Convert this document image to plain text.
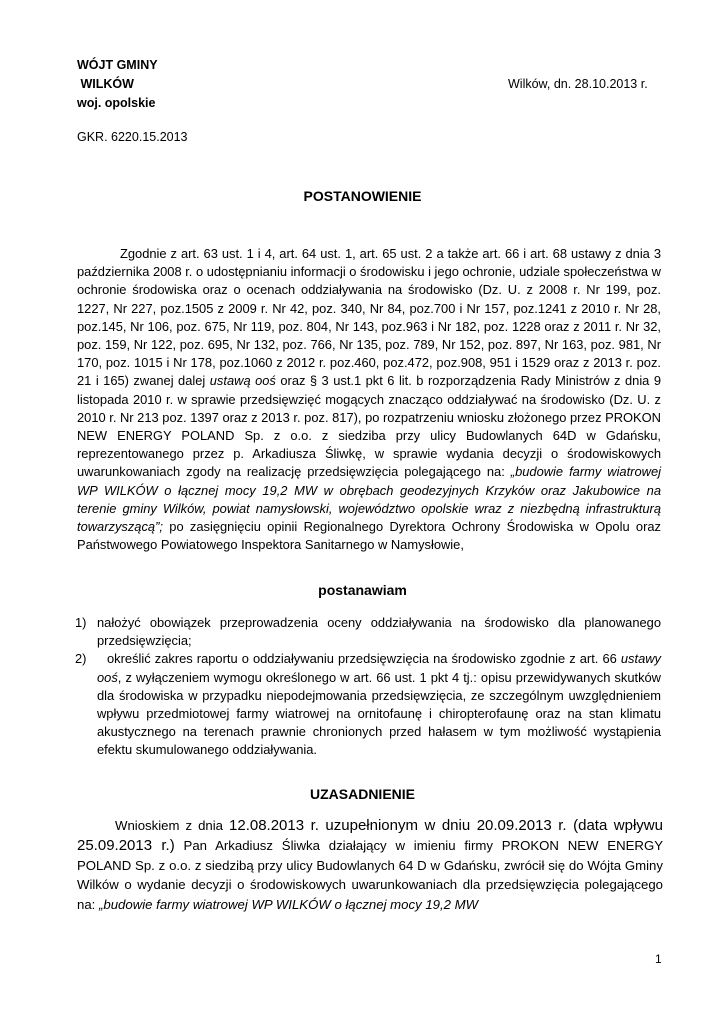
WÓJT GMINY
WILKÓW
woj. opolskie
Wilków, dn. 28.10.2013 r.
GKR. 6220.15.2013
POSTANOWIENIE
Zgodnie z art. 63 ust. 1 i 4, art. 64 ust. 1, art. 65 ust. 2 a także art. 66 i art. 68 ustawy z dnia 3 października 2008 r. o udostępnianiu informacji o środowisku i jego ochronie, udziale społeczeństwa w ochronie środowiska oraz o ocenach oddziaływania na środowisko (Dz. U. z 2008 r. Nr 199, poz. 1227, Nr 227, poz.1505 z 2009 r. Nr 42, poz. 340, Nr 84, poz.700 i Nr 157, poz.1241 z 2010 r. Nr 28, poz.145, Nr 106, poz. 675, Nr 119, poz. 804, Nr 143, poz.963 i Nr 182, poz. 1228 oraz z 2011 r. Nr 32, poz. 159, Nr 122, poz. 695, Nr 132, poz. 766, Nr 135, poz. 789, Nr 152, poz. 897, Nr 163, poz. 981, Nr 170, poz. 1015 i Nr 178, poz.1060 z 2012 r. poz.460, poz.472, poz.908, 951 i 1529 oraz z 2013 r. poz. 21 i 165) zwanej dalej ustawą ooś oraz § 3 ust.1 pkt 6 lit. b rozporządzenia Rady Ministrów z dnia 9 listopada 2010 r. w sprawie przedsięwzięć mogących znacząco oddziaływać na środowisko (Dz. U. z 2010 r. Nr 213 poz. 1397 oraz z 2013 r. poz. 817), po rozpatrzeniu wniosku złożonego przez PROKON NEW ENERGY POLAND Sp. z o.o. z siedziba przy ulicy Budowlanych 64D w Gdańsku, reprezentowanego przez p. Arkadiusza Śliwkę, w sprawie wydania decyzji o środowiskowych uwarunkowaniach zgody na realizację przedsięwzięcia polegającego na: „budowie farmy wiatrowej WP WILKÓW o łącznej mocy 19,2 MW w obrębach geodezyjnych Krzyków oraz Jakubowice na terenie gminy Wilków, powiat namysłowski, województwo opolskie wraz z niezbędną infrastrukturą towarzyszącą”; po zasięgnięciu opinii Regionalnego Dyrektora Ochrony Środowiska w Opolu oraz Państwowego Powiatowego Inspektora Sanitarnego w Namysłowie,
postanawiam
1) nałożyć obowiązek przeprowadzenia oceny oddziaływania na środowisko dla planowanego przedsięwzięcia;
2)	określić zakres raportu o oddziaływaniu przedsięwzięcia na środowisko zgodnie z art. 66 ustawy ooś, z wyłączeniem wymogu określonego w art. 66 ust. 1 pkt 4 tj.: opisu przewidywanych skutków dla środowiska w przypadku niepodejmowania przedsięwzięcia, ze szczególnym uwzględnieniem wpływu przedmiotowej farmy wiatrowej na ornitofaunę i chiropterofaunę oraz na stan klimatu akustycznego na terenach prawnie chronionych przed hałasem w tym możliwość wystąpienia efektu skumulowanego oddziaływania.
UZASADNIENIE
Wnioskiem z dnia 12.08.2013 r. uzupełnionym w dniu 20.09.2013 r. (data wpływu 25.09.2013 r.) Pan Arkadiusz Śliwka działający w imieniu firmy PROKON NEW ENERGY POLAND Sp. z o.o. z siedzibą przy ulicy Budowlanych 64 D w Gdańsku, zwrócił się do Wójta Gminy Wilków o wydanie decyzji o środowiskowych uwarunkowaniach dla przedsięwzięcia polegającego na: „budowie farmy wiatrowej WP WILKÓW o łącznej mocy 19,2 MW
1
